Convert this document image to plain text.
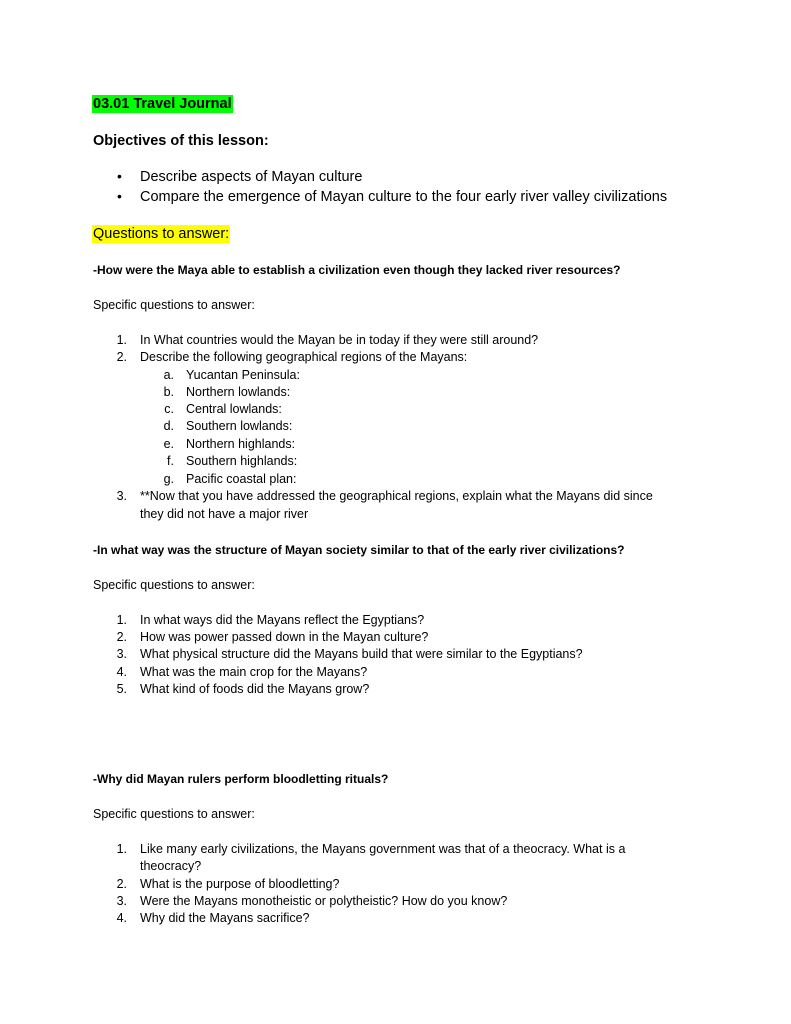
03.01 Travel Journal
Objectives of this lesson:
• Describe aspects of Mayan culture
• Compare the emergence of Mayan culture to the four early river valley civilizations
Questions to answer:
-How were the Maya able to establish a civilization even though they lacked river resources?
Specific questions to answer:
1. In What countries would the Mayan be in today if they were still around?
2. Describe the following geographical regions of the Mayans:
a. Yucantan Peninsula:
b. Northern lowlands:
c. Central lowlands:
d. Southern lowlands:
e. Northern highlands:
f. Southern highlands:
g. Pacific coastal plan:
3. **Now that you have addressed the geographical regions, explain what the Mayans did since
they did not have a major river
-In what way was the structure of Mayan society similar to that of the early river civilizations?
Specific questions to answer:
1. In what ways did the Mayans reflect the Egyptians?
2. How was power passed down in the Mayan culture?
3. What physical structure did the Mayans build that were similar to the Egyptians?
4. What was the main crop for the Mayans?
5. What kind of foods did the Mayans grow?
-Why did Mayan rulers perform bloodletting rituals?
Specific questions to answer:
1. Like many early civilizations, the Mayans government was that of a theocracy. What is a
theocracy?
2. What is the purpose of bloodletting?
3. Were the Mayans monotheistic or polytheistic? How do you know?
4. Why did the Mayans sacrifice?
